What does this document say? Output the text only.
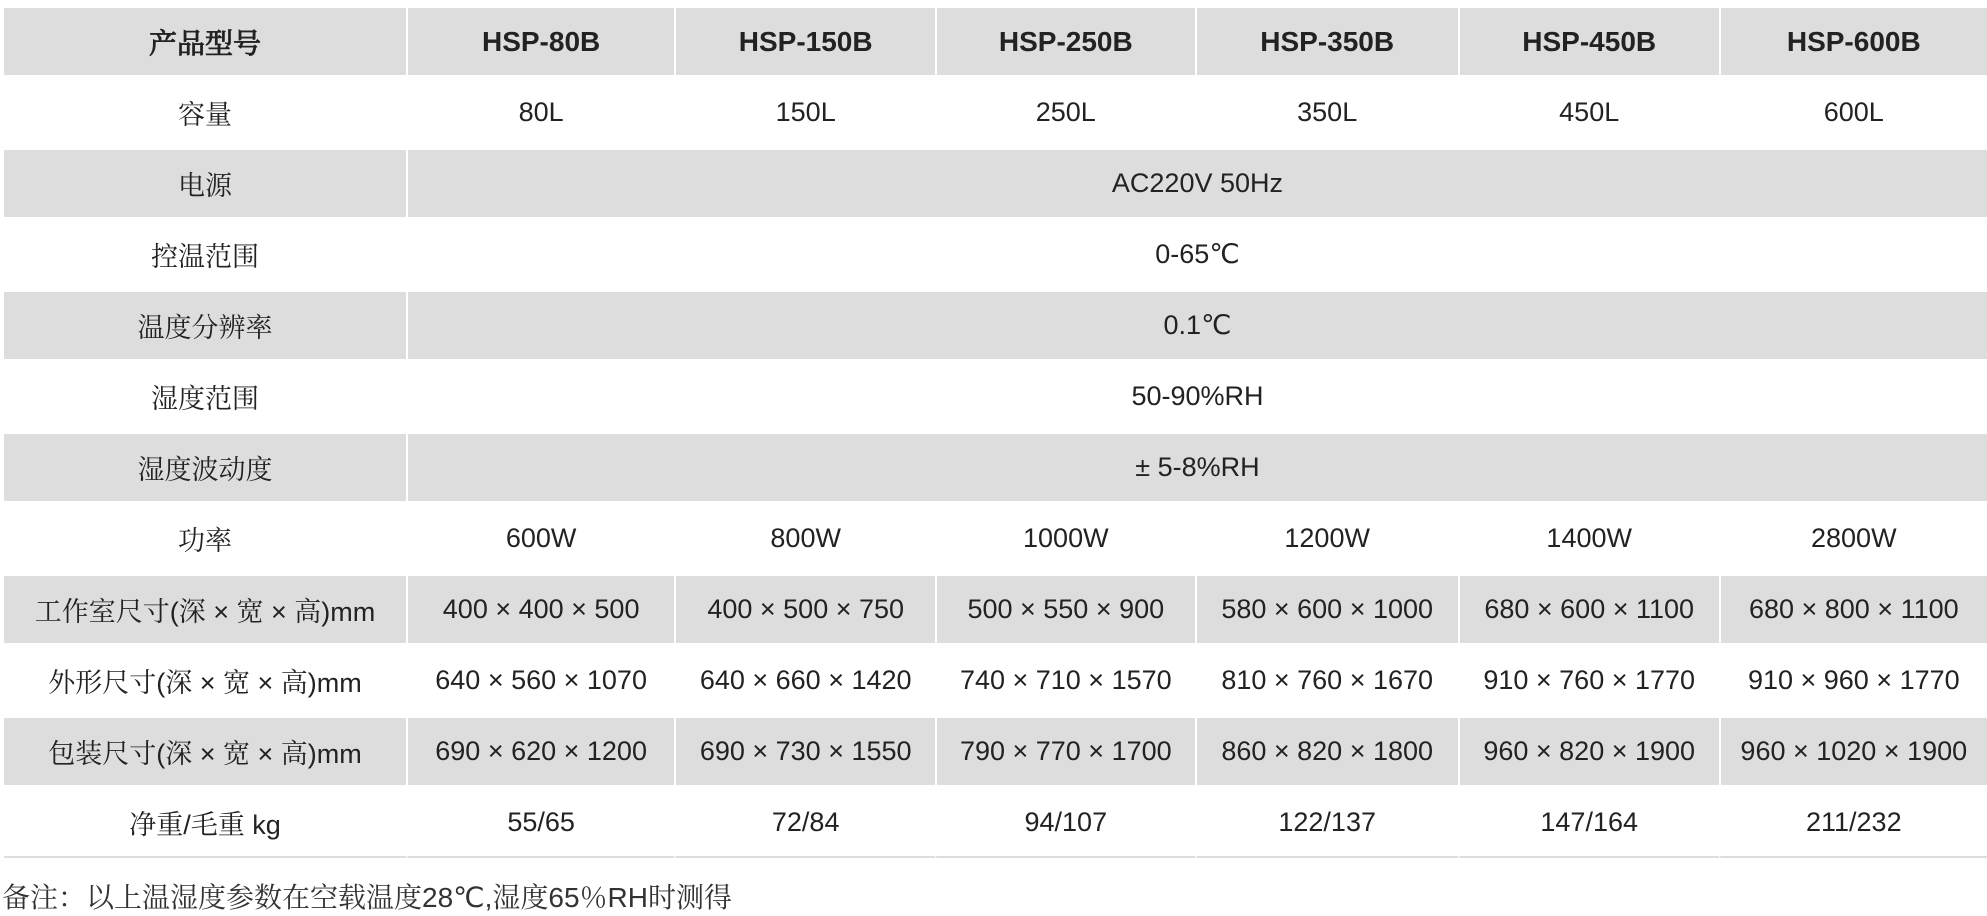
产品型号	HSP-80B	HSP-150B	HSP-250B	HSP-350B	HSP-450B	HSP-600B
容量	80L	150L	250L	350L	450L	600L
电源	AC220V 50Hz					
控温范围	0-65℃					
温度分辨率	0.1℃					
湿度范围	50-90%RH					
湿度波动度	± 5-8%RH					
功率	600W	800W	1000W	1200W	1400W	2800W
工作室尺寸(深 × 宽 × 高)mm	400 × 400 × 500	400 × 500 × 750	500 × 550 × 900	580 × 600 × 1000	680 × 600 × 1100	680 × 800 × 1100
外形尺寸(深 × 宽 × 高)mm	640 × 560 × 1070	640 × 660 × 1420	740 × 710 × 1570	810 × 760 × 1670	910 × 760 × 1770	910 × 960 × 1770
包装尺寸(深 × 宽 × 高)mm	690 × 620 × 1200	690 × 730 × 1550	790 × 770 × 1700	860 × 820 × 1800	960 × 820 × 1900	960 × 1020 × 1900
净重/毛重 kg	55/65	72/84	94/107	122/137	147/164	211/232
备注：以上温湿度参数在空载温度28℃,湿度65％RH时测得
